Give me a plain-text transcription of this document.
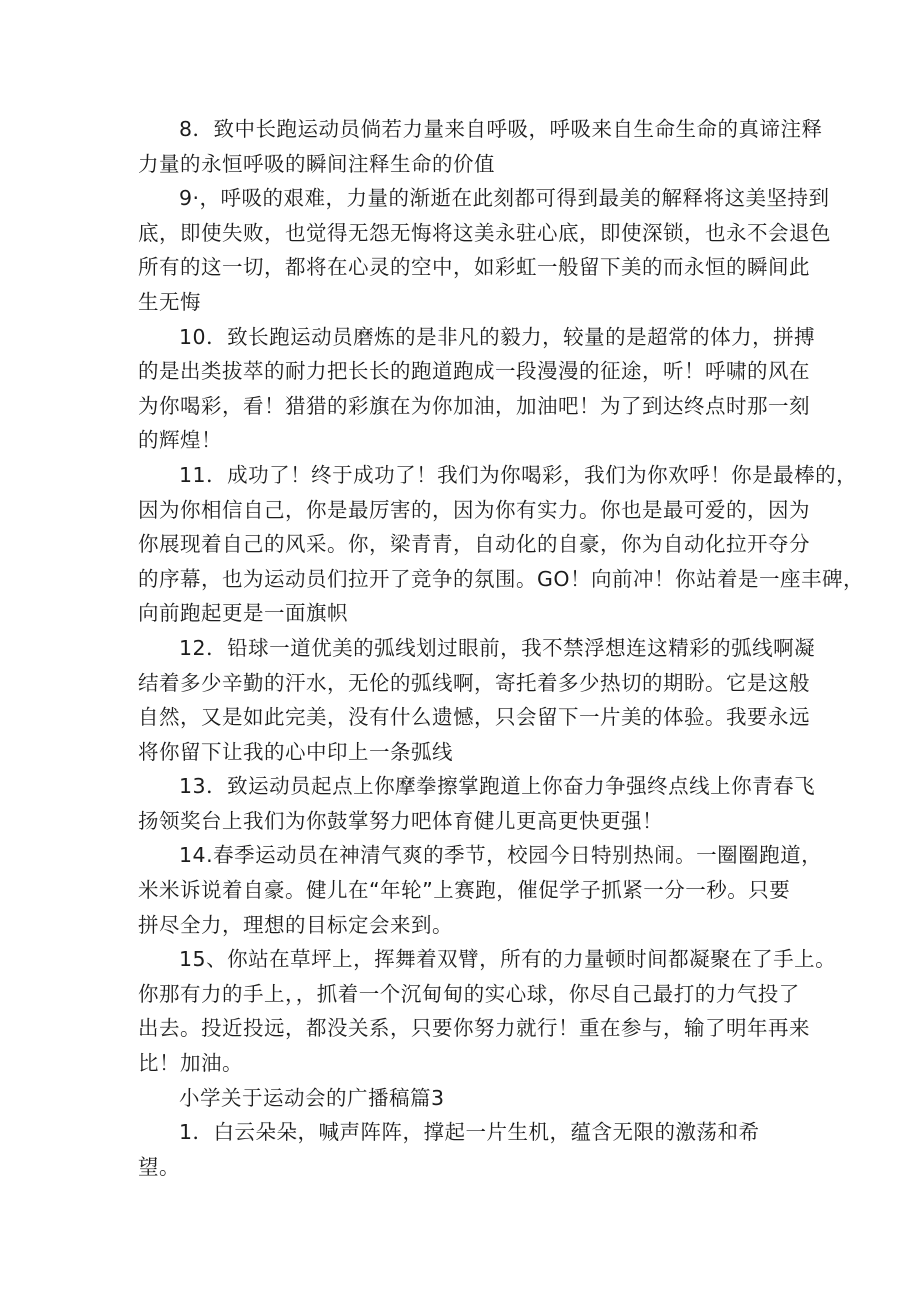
8．致中长跑运动员倘若力量来自呼吸，呼吸来自生命生命的真谛注释
力量的永恒呼吸的瞬间注释生命的价值
9·，呼吸的艰难，力量的渐逝在此刻都可得到最美的解释将这美坚持到
底，即使失败，也觉得无怨无悔将这美永驻心底，即使深锁，也永不会退色
所有的这一切，都将在心灵的空中，如彩虹一般留下美的而永恒的瞬间此
生无悔
10．致长跑运动员磨炼的是非凡的毅力，较量的是超常的体力，拼搏
的是出类拔萃的耐力把长长的跑道跑成一段漫漫的征途，听！呼啸的风在
为你喝彩，看！猎猎的彩旗在为你加油，加油吧！为了到达终点时那一刻
的辉煌！
11．成功了！终于成功了！我们为你喝彩，我们为你欢呼！你是最棒的，
因为你相信自己，你是最厉害的，因为你有实力。你也是最可爱的，因为
你展现着自己的风采。你，梁青青，自动化的自豪，你为自动化拉开夺分
的序幕，也为运动员们拉开了竞争的氛围。GO！向前冲！你站着是一座丰碑，
向前跑起更是一面旗帜
12．铅球一道优美的弧线划过眼前，我不禁浮想连这精彩的弧线啊凝
结着多少辛勤的汗水，无伦的弧线啊，寄托着多少热切的期盼。它是这般
自然，又是如此完美，没有什么遗憾，只会留下一片美的体验。我要永远
将你留下让我的心中印上一条弧线
13．致运动员起点上你摩拳擦掌跑道上你奋力争强终点线上你青春飞
扬领奖台上我们为你鼓掌努力吧体育健儿更高更快更强！
14.春季运动员在神清气爽的季节，校园今日特别热闹。一圈圈跑道，
米米诉说着自豪。健儿在“年轮”上赛跑，催促学子抓紧一分一秒。只要
拼尽全力，理想的目标定会来到。
15、你站在草坪上，挥舞着双臂，所有的力量顿时间都凝聚在了手上。
你那有力的手上，，抓着一个沉甸甸的实心球，你尽自己最打的力气投了
出去。投近投远，都没关系，只要你努力就行！重在参与，输了明年再来
比！加油。
小学关于运动会的广播稿篇3
1．白云朵朵，喊声阵阵，撑起一片生机，蕴含无限的激荡和希
望。
